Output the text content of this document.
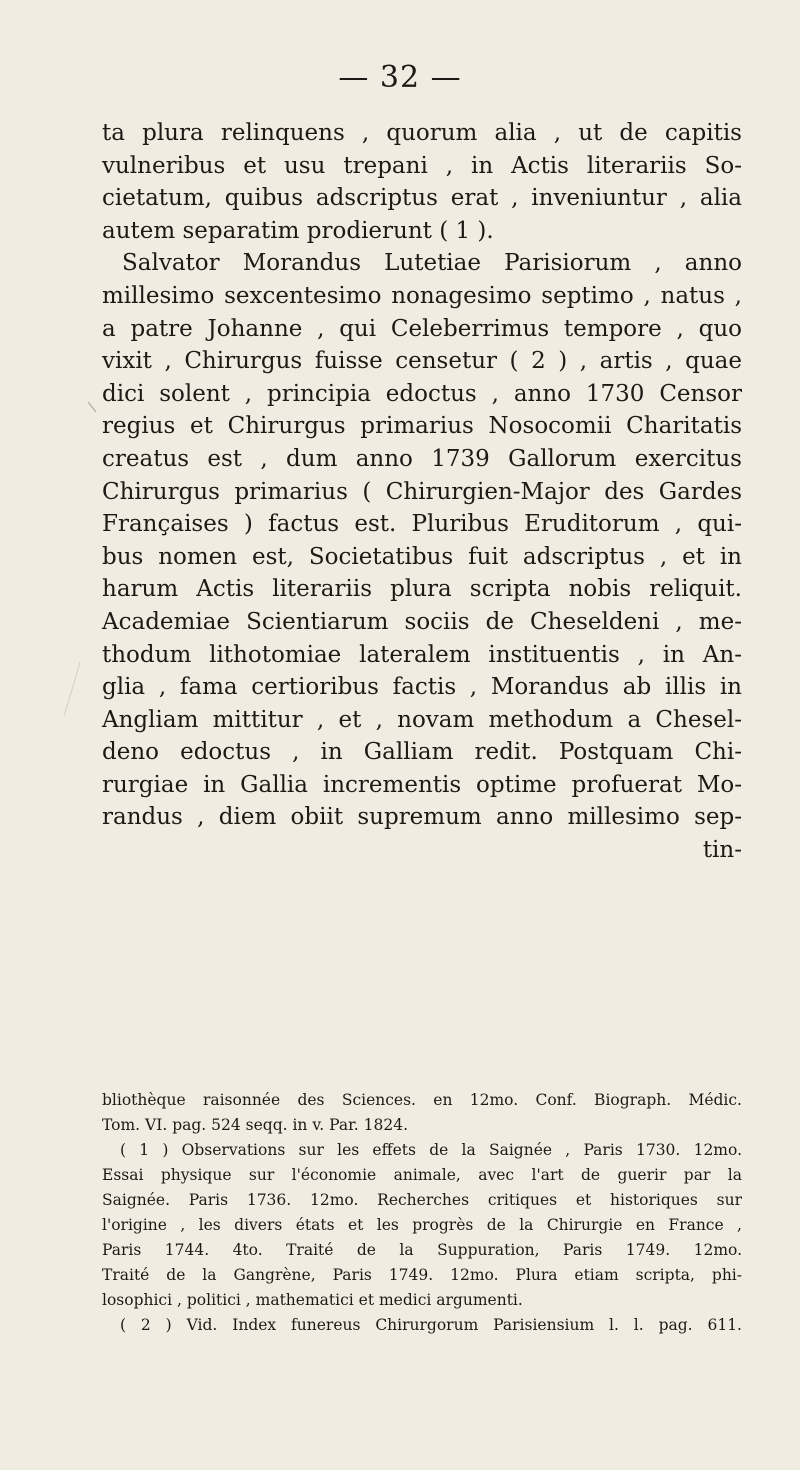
— 32 —
ta plura relinquens , quorum alia , ut de capitis
vulneribus et usu trepani , in Actis literariis So-
cietatum, quibus adscriptus erat , inveniuntur , alia
autem separatim prodierunt ( 1 ).
Salvator Morandus Lutetiae Parisiorum , anno
millesimo sexcentesimo nonagesimo septimo , natus ,
a patre Johanne , qui Celeberrimus tempore , quo
vixit , Chirurgus fuisse censetur ( 2 ) , artis , quae
dici solent , principia edoctus , anno 1730 Censor
regius et Chirurgus primarius Nosocomii Charitatis
creatus est , dum anno 1739 Gallorum exercitus
Chirurgus primarius ( Chirurgien-Major des Gardes
Françaises ) factus est. Pluribus Eruditorum , qui-
bus nomen est, Societatibus fuit adscriptus , et in
harum Actis literariis plura scripta nobis reliquit.
Academiae Scientiarum sociis de Cheseldeni , me-
thodum lithotomiae lateralem instituentis , in An-
glia , fama certioribus factis , Morandus ab illis in
Angliam mittitur , et , novam methodum a Chesel-
deno edoctus , in Galliam redit. Postquam Chi-
rurgiae in Gallia incrementis optime profuerat Mo-
randus , diem obiit supremum anno millesimo sep-
tin-
bliothèque raisonnée des Sciences. en 12mo. Conf. Biograph. Médic.
Tom. VI. pag. 524 seqq. in v. Par. 1824.
( 1 ) Observations sur les effets de la Saignée , Paris 1730. 12mo.
Essai physique sur l'économie animale, avec l'art de guerir par la
Saignée. Paris 1736. 12mo. Recherches critiques et historiques sur
l'origine , les divers états et les progrès de la Chirurgie en France ,
Paris 1744. 4to. Traité de la Suppuration, Paris 1749. 12mo.
Traité de la Gangrène, Paris 1749. 12mo. Plura etiam scripta, phi-
losophici , politici , mathematici et medici argumenti.
( 2 ) Vid. Index funereus Chirurgorum Parisiensium l. l. pag. 611.
